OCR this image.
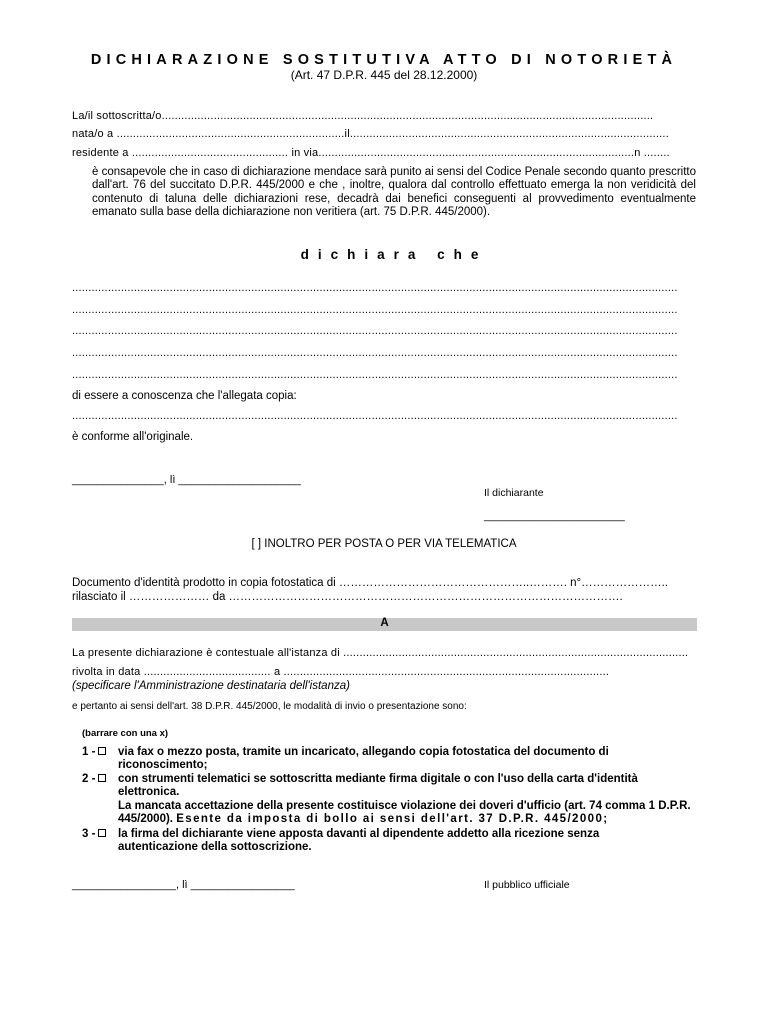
DICHIARAZIONE SOSTITUTIVA ATTO DI NOTORIETÀ
(Art. 47 D.P.R. 445 del 28.12.2000)
La/il sottoscritta/o.......................................................................................................................................................
nata/o a ......................................................................il..................................................................................................
residente a ................................................ in via.................................................................................................n ........
è consapevole che in caso di dichiarazione mendace sarà punito ai sensi del Codice Penale secondo quanto prescritto dall'art. 76 del succitato D.P.R. 445/2000 e che , inoltre, qualora dal controllo effettuato emerga la non veridicità del contenuto di taluna delle dichiarazioni rese, decadrà dai benefici conseguenti al provvedimento eventualmente emanato sulla base della dichiarazione non veritiera (art. 75 D.P.R. 445/2000).
dichiara che
..........................................................................................................................................................................................
..........................................................................................................................................................................................
..........................................................................................................................................................................................
..........................................................................................................................................................................................
..........................................................................................................................................................................................
di essere a conoscenza che l'allegata copia:
..........................................................................................................................................................................................
è conforme all'originale.
_______________, lì ____________________
Il dichiarante
_______________________
[ ] INOLTRO PER POSTA O PER VIA TELEMATICA
Documento d'identità prodotto in copia fotostatica di …………………………………………..………. n°…………………..
rilasciato il ………………… da ………………………………………………………………………………………….
A
La presente dichiarazione è contestuale all'istanza di ..........................................................................................................
rivolta in data ....................................... a ....................................................................................................
(specificare l'Amministrazione destinataria dell'istanza)
e pertanto ai sensi dell'art. 38 D.P.R. 445/2000, le modalità di invio o presentazione sono:
(barrare con una x)
1 -	via fax o mezzo posta, tramite un incaricato, allegando copia fotostatica del documento di riconoscimento;
2 -	con strumenti telematici se sottoscritta mediante firma digitale o con l'uso della carta d'identità elettronica.
La mancata accettazione della presente costituisce violazione dei doveri d'ufficio (art. 74 comma 1 D.P.R. 445/2000). Esente da imposta di bollo ai sensi dell'art. 37 D.P.R. 445/2000;
3 -	la firma del dichiarante viene apposta davanti al dipendente addetto alla ricezione senza autenticazione della sottoscrizione.
_________________, lì _________________	Il pubblico ufficiale
